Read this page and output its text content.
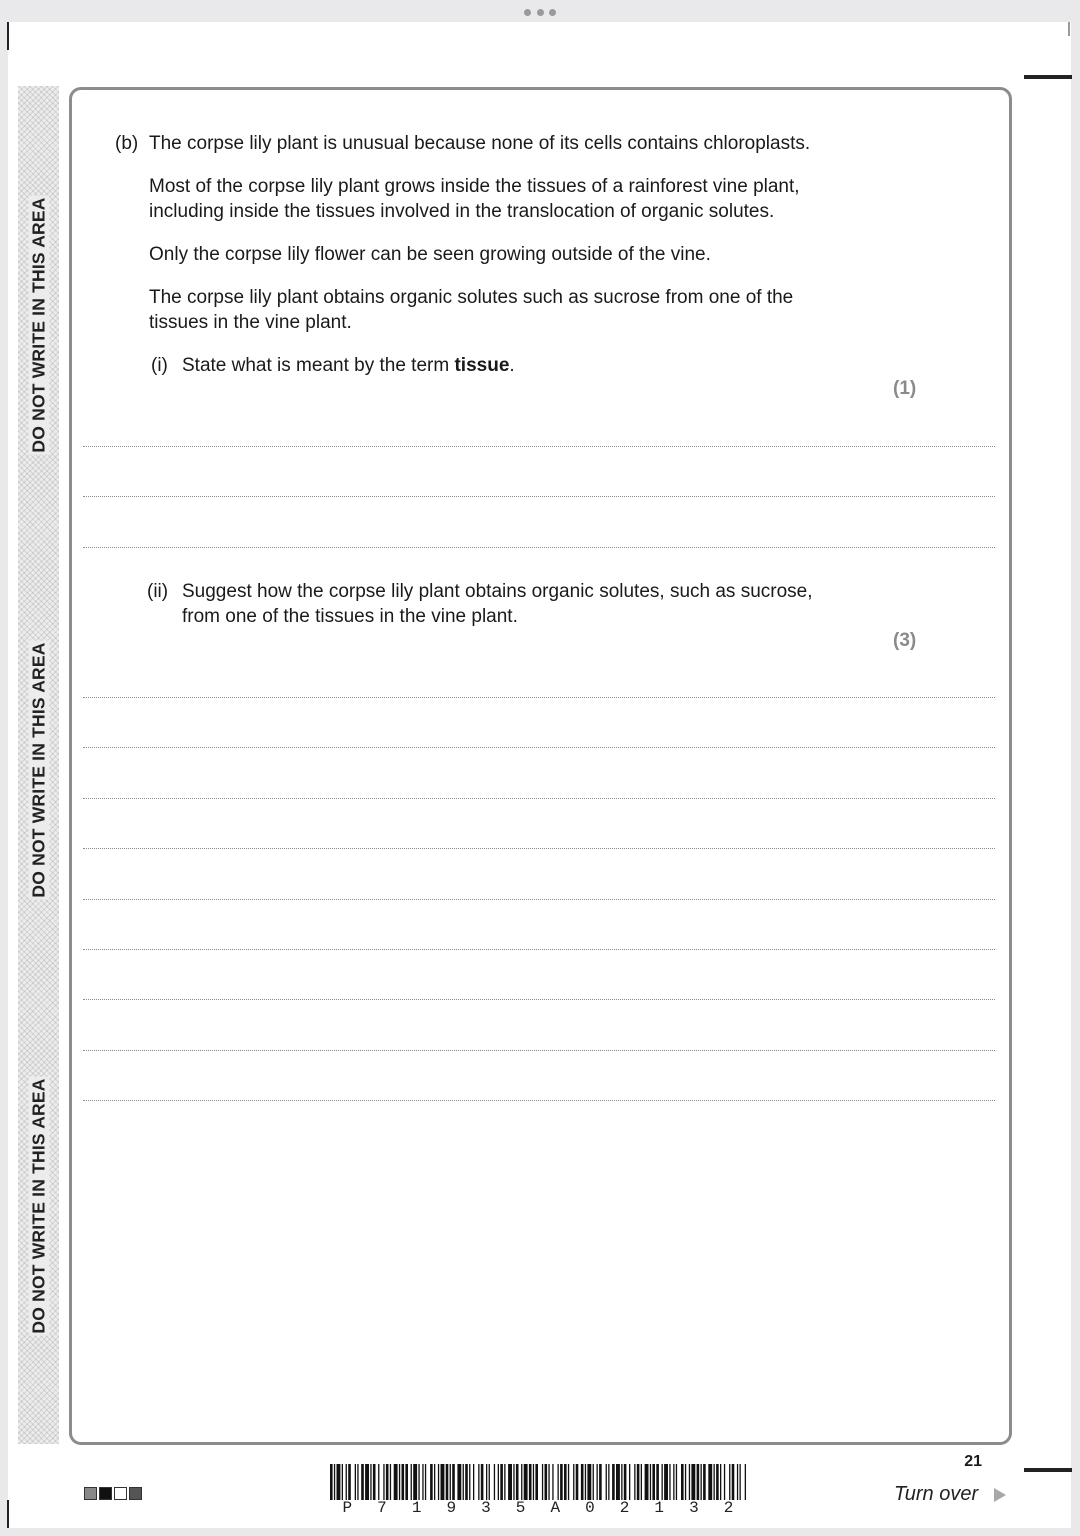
DO NOT WRITE IN THIS AREA
DO NOT WRITE IN THIS AREA
DO NOT WRITE IN THIS AREA
(b) The corpse lily plant is unusual because none of its cells contains chloroplasts.
Most of the corpse lily plant grows inside the tissues of a rainforest vine plant,
including inside the tissues involved in the translocation of organic solutes.
Only the corpse lily flower can be seen growing outside of the vine.
The corpse lily plant obtains organic solutes such as sucrose from one of the
tissues in the vine plant.
(i) State what is meant by the term tissue.
(1)
(ii) Suggest how the corpse lily plant obtains organic solutes, such as sucrose,
from one of the tissues in the vine plant.
(3)
P 7 1 9 3 5 A 0 2 1 3 2
21
Turn over
